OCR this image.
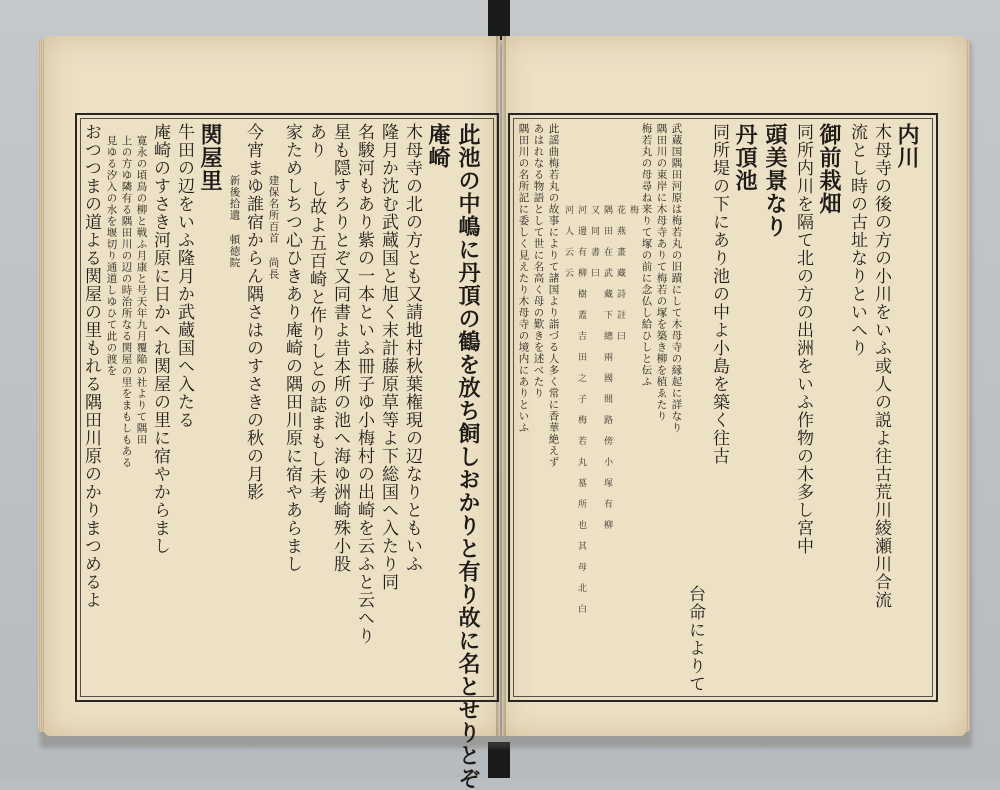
此池の中嶋に丹頂の鶴を放ち飼しおかりと有り故に名とせりとぞ
庵崎
木母寺の北の方とも又請地村秋葉権現の辺なりともいふ
隆月か沈む武蔵国と旭く末計藤原草等よ下総国へ入たり同
名駿河もあり紫の一本といふ冊子ゆ小梅村の出崎を云ふと云へり
星も隠すろりとぞ又同書よ昔本所の池へ海ゆ洲崎殊小股
あり し故よ五百崎と作りしとの誌まもし未考
家ためしちつ心ひきあり庵崎の隅田川原に宿やあらまし
建保名所百首 尚長
今宵まゆ誰宿からん隅さはのすさきの秋の月影
新後拾遺 頓徳院
関屋里
牛田の辺をいふ隆月か武蔵国へ入たる
庵崎のすさき河原に日かへれ関屋の里に宿やからまし
寛永の頃鳥の柳と戦ふ月康と号天年九月覆陥の社よりて隅田
上の方ゆ隣有る隅田川の辺の時治所なる関屋の里をまもしもある
見ゆる汐入の水を堰切り通道しゆひて此の渡を
おつつまの道よる関屋の里もれる隅田川原のかりまつめるよ	内川
木母寺の後の方の小川をいふ或人の説よ往古荒川綾瀬川合流
流とし時の古址なりといへり
御前栽畑
同所内川を隔て北の方の出洲をいふ作物の木多し宮中
頭美景なり
丹頂池
同所堤の下にあり池の中よ小島を築く往古
台命によりて
武蔵国隅田河原は梅若丸の旧蹟にして木母寺の縁起に詳なり
隅田川の東岸に木母寺ありて梅若の塚を築き柳を植ゑたり
梅若丸の母尋ね来りて塚の前に念仏し給ひしと伝ふ
梅
花 燕 畫 藏 詩 註 曰
隅 田 在 武 藏 下 總 兩 國 間 路 傍 小 塚 有 柳
又 同 書 曰
河 邊 有 柳 樹 蓋 吉 田 之 子 梅 若 丸 墓 所 也 其 母 北 白
河 人 云 云
此謡曲梅若丸の故事によりて諸国より詣づる人多く常に香華絶えず
あはれなる物語として世に名高く母の歎きを述べたり
隅田川の名所記に委しく見えたり木母寺の境内にありといふ
